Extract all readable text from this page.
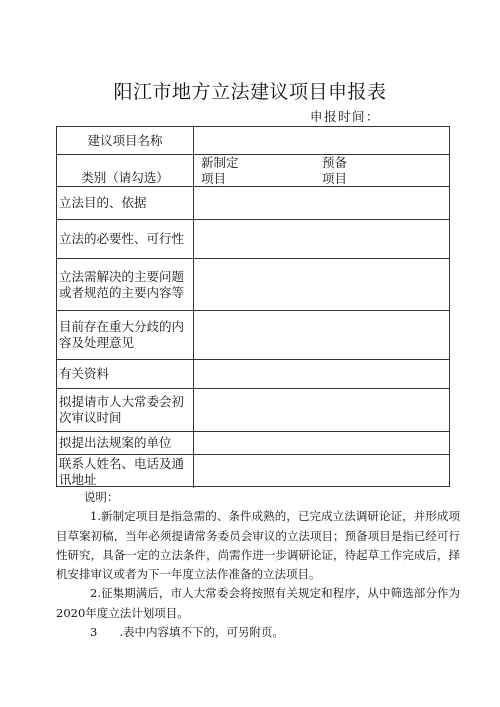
阳江市地方立法建议项目申报表
申报时间：
建议项目名称
类别（请勾选）
新制定项目
预备项目
立法目的、依据
立法的必要性、可行性
立法需解决的主要问题或者规范的主要内容等
目前存在重大分歧的内容及处理意见
有关资料
拟提请市人大常委会初次审议时间
拟提出法规案的单位
联系人姓名、电话及通讯地址

说明：

1.新制定项目是指急需的、条件成熟的，已完成立法调研论证，并形成项目草案初稿，当年必须提请常务委员会审议的立法项目；预备项目是指已经可行性研究，具备一定的立法条件，尚需作进一步调研论证，待起草工作完成后，择机安排审议或者为下一年度立法作准备的立法项目。

2.征集期满后，市人大常委会将按照有关规定和程序，从中筛选部分作为2020年度立法计划项目。

3 .表中内容填不下的，可另附页。
